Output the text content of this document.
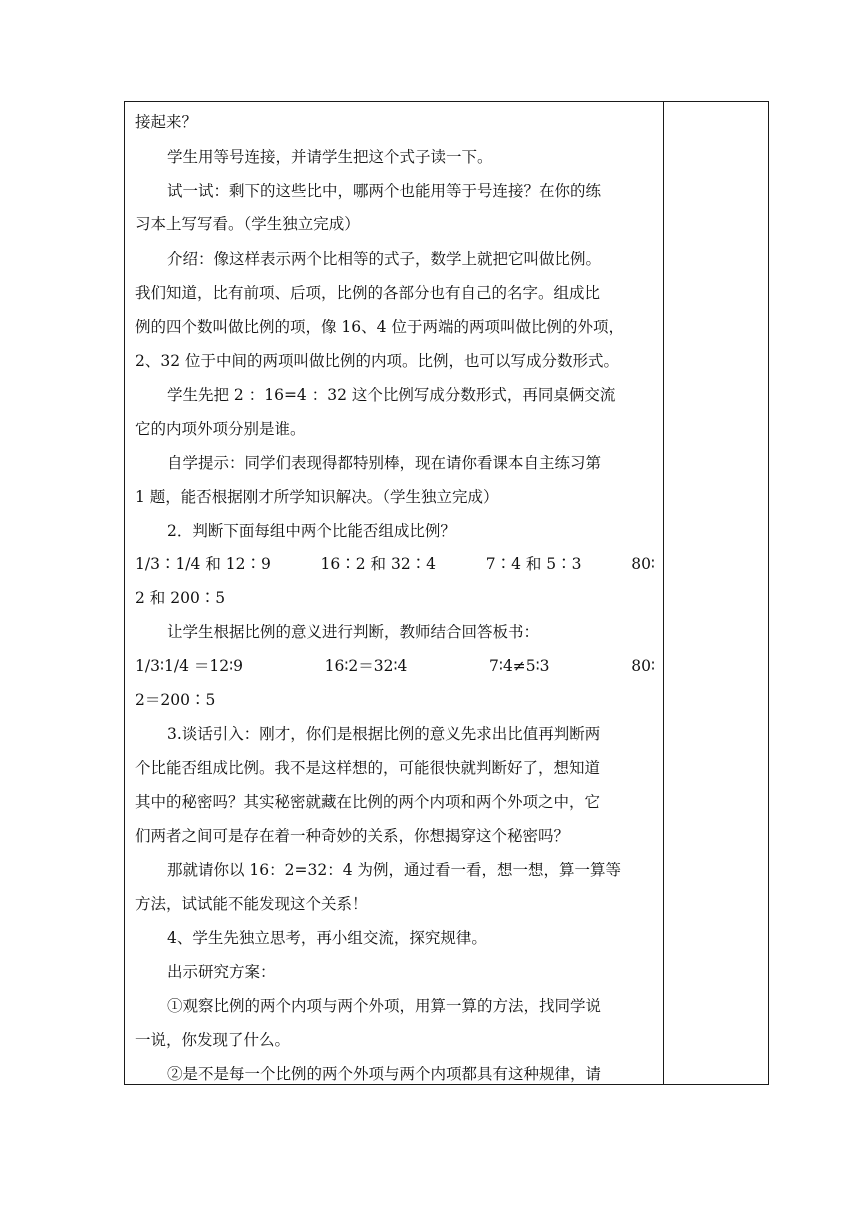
接起来？
学生用等号连接，并请学生把这个式子读一下。
试一试：剩下的这些比中，哪两个也能用等于号连接？在你的练
习本上写写看。（学生独立完成）
介绍：像这样表示两个比相等的式子，数学上就把它叫做比例。
我们知道，比有前项、后项，比例的各部分也有自己的名字。组成比
例的四个数叫做比例的项，像 16、4 位于两端的两项叫做比例的外项，
2、32 位于中间的两项叫做比例的内项。比例，也可以写成分数形式。
学生先把 2 ：16=4 ：32 这个比例写成分数形式，再同桌俩交流
它的内项外项分别是谁。
自学提示：同学们表现得都特别棒，现在请你看课本自主练习第
1 题，能否根据刚才所学知识解决。（学生独立完成）
2．判断下面每组中两个比能否组成比例？
1/3∶1/4 和 12∶9	16∶2 和 32∶4	7∶4 和 5∶3	80∶
2 和 200∶5
让学生根据比例的意义进行判断，教师结合回答板书：
1/3∶1/4 ＝12∶9	16∶2＝32∶4	7∶4≠5∶3	80∶
2＝200∶5
3.谈话引入：刚才，你们是根据比例的意义先求出比值再判断两
个比能否组成比例。我不是这样想的，可能很快就判断好了，想知道
其中的秘密吗？其实秘密就藏在比例的两个内项和两个外项之中，它
们两者之间可是存在着一种奇妙的关系，你想揭穿这个秘密吗？
那就请你以 16：2=32：4 为例，通过看一看，想一想，算一算等
方法，试试能不能发现这个关系！
4、学生先独立思考，再小组交流，探究规律。
出示研究方案：
①观察比例的两个内项与两个外项，用算一算的方法，找同学说
一说，你发现了什么。
②是不是每一个比例的两个外项与两个内项都具有这种规律，请
